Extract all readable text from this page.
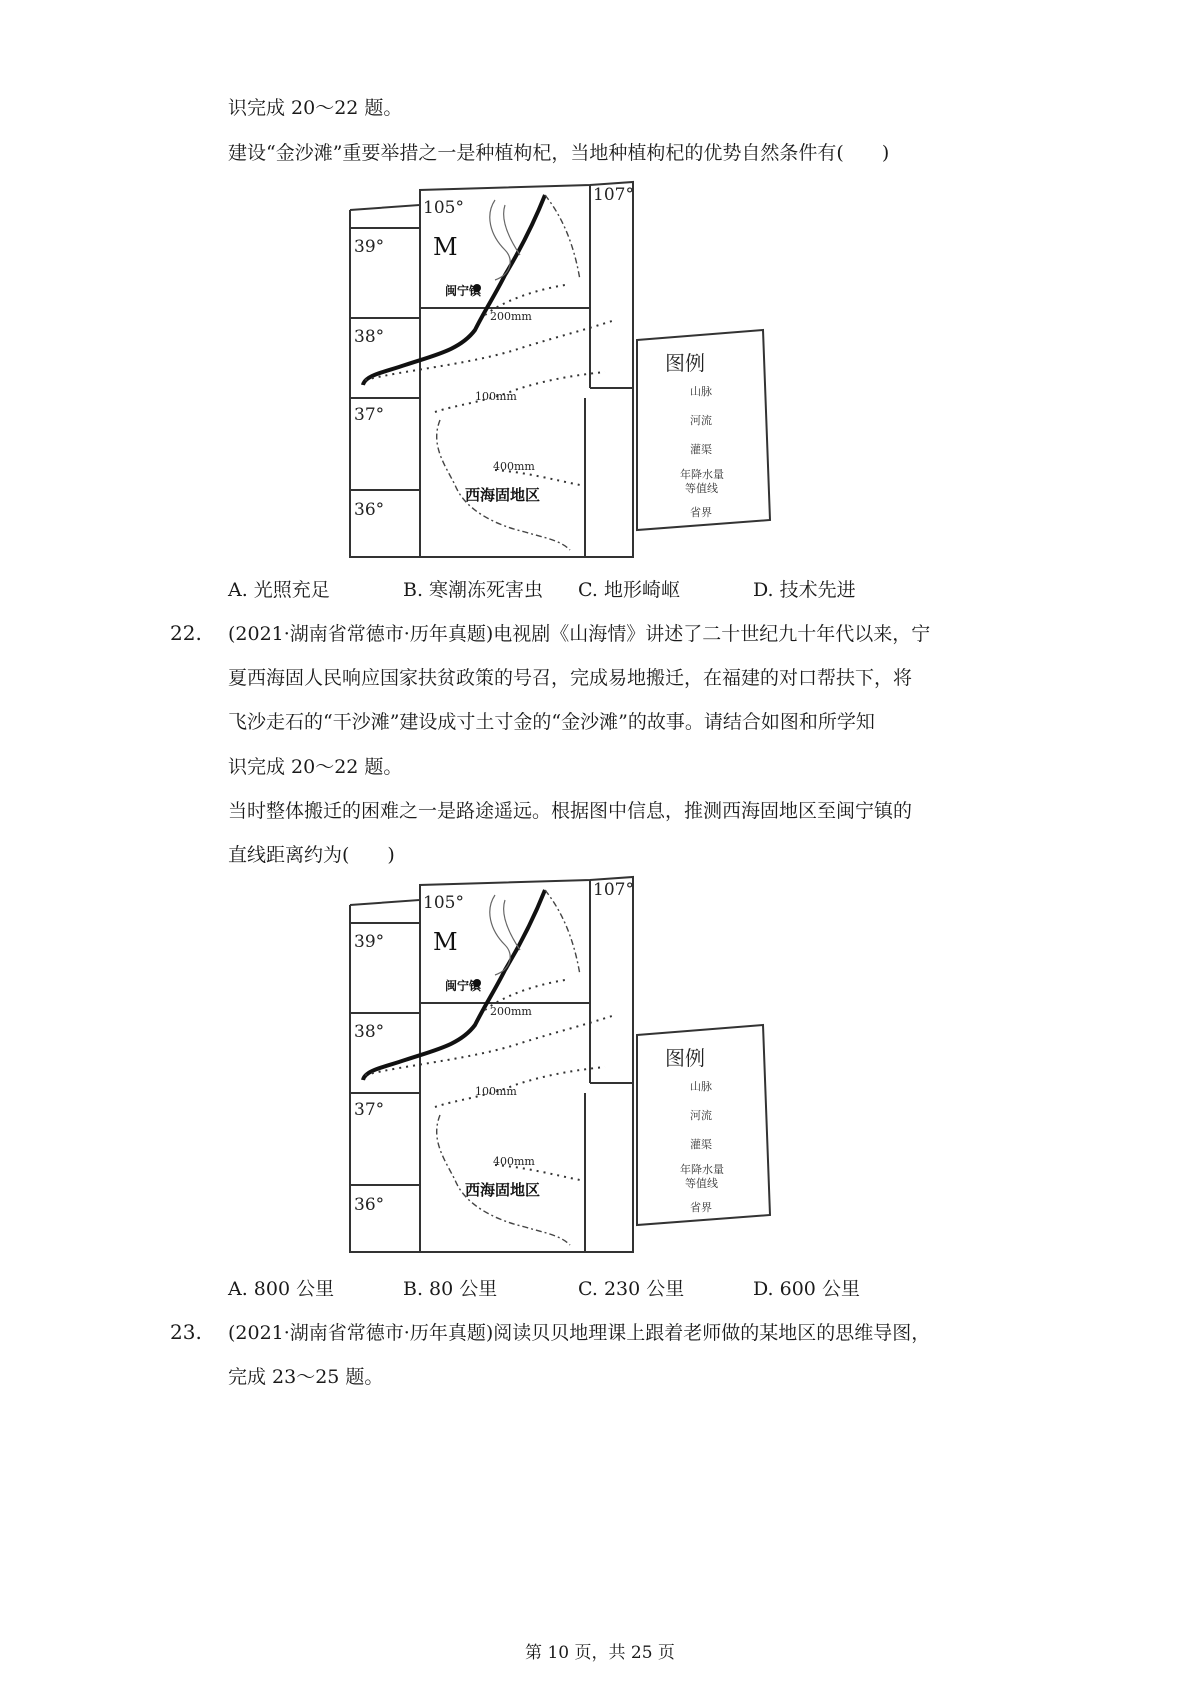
识完成 20～22 题。
建设“金沙滩”重要举措之一是种植枸杞，当地种植枸杞的优势自然条件有(　　)
39°
38°
37°
36°
105°
107°
M
闽宁镇
200mm
100mm
400mm
西海固地区
图例
山脉
河流
灌渠
年降水量
等值线
省界
A. 光照充足	B. 寒潮冻死害虫	C. 地形崎岖	D. 技术先进
22. (2021·湖南省常德市·历年真题)电视剧《山海情》讲述了二十世纪九十年代以来，宁
夏西海固人民响应国家扶贫政策的号召，完成易地搬迁，在福建的对口帮扶下，将
飞沙走石的“干沙滩”建设成寸土寸金的“金沙滩”的故事。请结合如图和所学知
识完成 20～22 题。
当时整体搬迁的困难之一是路途遥远。根据图中信息，推测西海固地区至闽宁镇的
直线距离约为(　　)
39°
38°
37°
36°
105°
107°
M
闽宁镇
200mm
100mm
400mm
西海固地区
图例
山脉
河流
灌渠
年降水量
等值线
省界
A. 800 公里	B. 80 公里	C. 230 公里	D. 600 公里
23. (2021·湖南省常德市·历年真题)阅读贝贝地理课上跟着老师做的某地区的思维导图，
完成 23～25 题。
第 10 页，共 25 页
